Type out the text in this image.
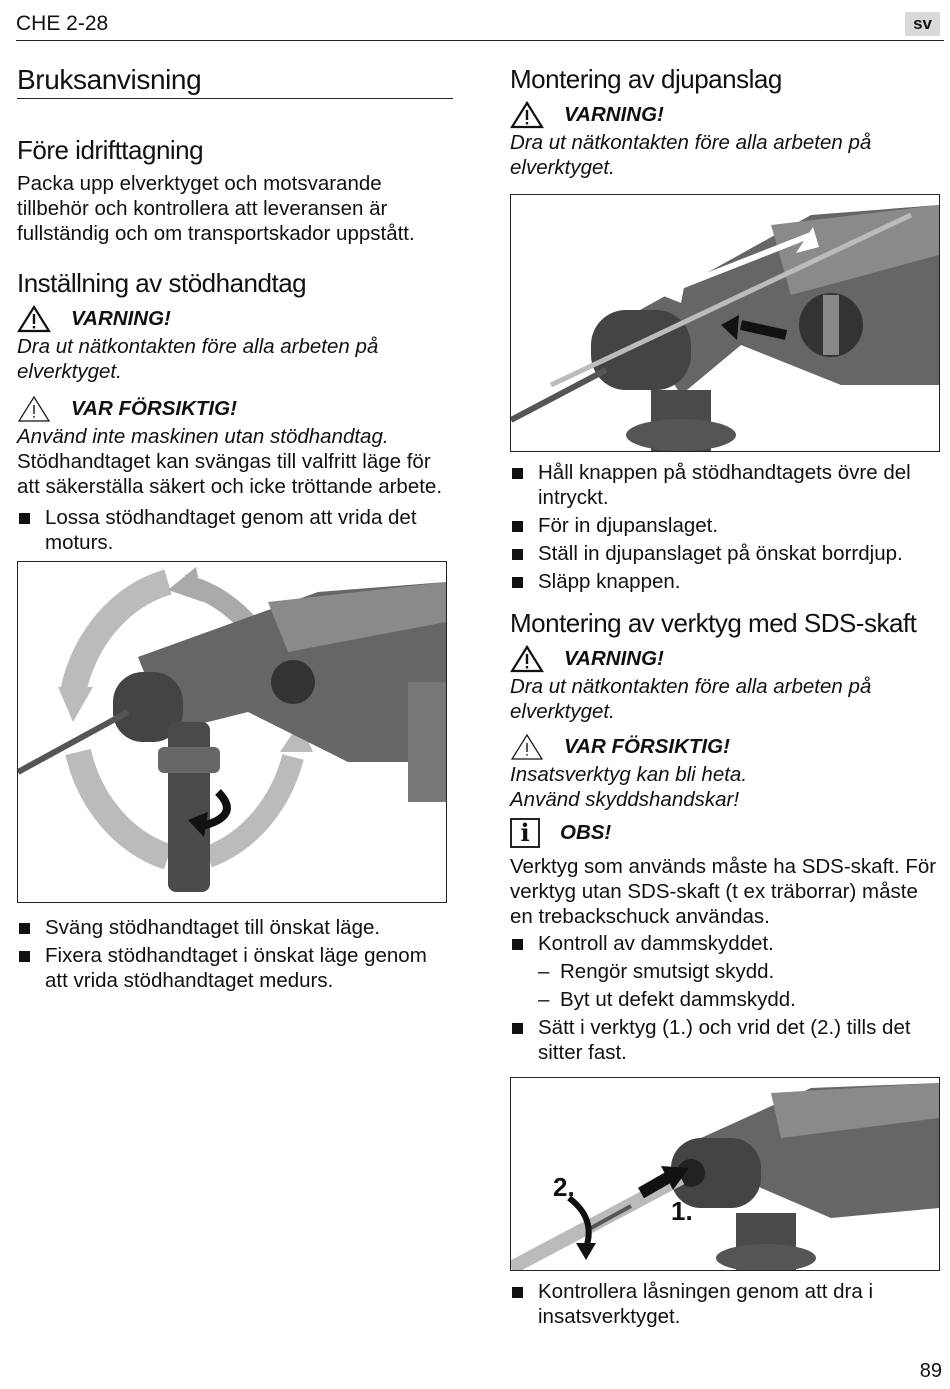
CHE 2-28	sv
Bruksanvisning
Före idrifttagning

Packa upp elverktyget och motsvarande tillbehör och kontrollera att leveransen är fullständig och om transportskador uppstått.

Inställning av stödhandtag
VARNING!

Dra ut nätkontakten före alla arbeten på elverktyget.

VAR FÖRSIKTIG!

Använd inte maskinen utan stödhandtag.

Stödhandtaget kan svängas till valfritt läge för att säkerställa säkert och icke tröttande arbete.

Lossa stödhandtaget genom att vrida det moturs.
Sväng stödhandtaget till önskat läge.
Fixera stödhandtaget i önskat läge genom att vrida stödhandtaget medurs.
Montering av djupanslag
VARNING!

Dra ut nätkontakten före alla arbeten på elverktyget.

Håll knappen på stödhandtagets övre del intryckt.
För in djupanslaget.
Ställ in djupanslaget på önskat borrdjup.
Släpp knappen.
Montering av verktyg med SDS-skaft
VARNING!

Dra ut nätkontakten före alla arbeten på elverktyget.

VAR FÖRSIKTIG!

Insatsverktyg kan bli heta.

Använd skyddshandskar!

i	OBS!

Verktyg som används måste ha SDS-skaft. För verktyg utan SDS-skaft (t ex träborrar) måste en trebackschuck användas.

Kontroll av dammskyddet.
– Rengör smutsigt skydd.
– Byt ut defekt dammskydd.
Sätt i verktyg (1.) och vrid det (2.) tills det sitter fast.
2.
1.
Kontrollera låsningen genom att dra i insatsverktyget.
89
